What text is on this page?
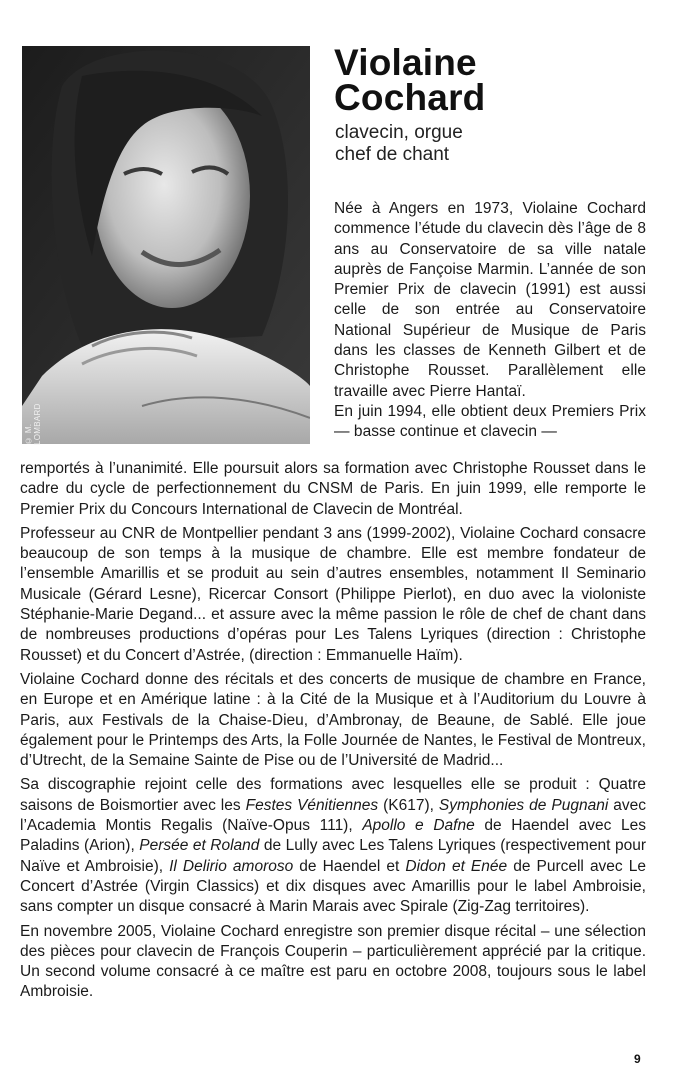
© M. LOMBARD
Violaine
Cochard
clavecin, orgue
chef de chant

Née à Angers en 1973, Violaine Cochard commence l’étude du clavecin dès l’âge de 8 ans au Conservatoire de sa ville natale auprès de Fançoise Marmin. L’année de son Premier Prix de clavecin (1991) est aussi celle de son entrée au Conservatoire National Supérieur de Musique de Paris dans les classes de Kenneth Gilbert et de Christophe Rousset. Parallèlement elle travaille avec Pierre Hantaï.

En juin 1994, elle obtient deux Premiers Prix — basse continue et clavecin —

remportés à l’unanimité. Elle poursuit alors sa formation avec Christophe Rousset dans le cadre du cycle de perfectionnement du CNSM de Paris. En juin 1999, elle remporte le Premier Prix du Concours International de Clavecin de Montréal.

Professeur au CNR de Montpellier pendant 3 ans (1999-2002), Violaine Cochard consacre beaucoup de son temps à la musique de chambre. Elle est membre fondateur de l’ensemble Amarillis et se produit au sein d’autres ensembles, notamment Il Seminario Musicale (Gérard Lesne), Ricercar Consort (Philippe Pierlot), en duo avec la violoniste Stéphanie-Marie Degand... et assure avec la même passion le rôle de chef de chant dans de nombreuses productions d’opéras pour Les Talens Lyriques (direction : Christophe Rousset) et du Concert d’Astrée, (direction : Emmanuelle Haïm).

Violaine Cochard donne des récitals et des concerts de musique de chambre en France, en Europe et en Amérique latine : à la Cité de la Musique et à l’Auditorium du Louvre à Paris, aux Festivals de la Chaise-Dieu, d’Ambronay, de Beaune, de Sablé. Elle joue également pour le Printemps des Arts, la Folle Journée de Nantes, le Festival de Montreux, d’Utrecht, de la Semaine Sainte de Pise ou de l’Université de Madrid...

Sa discographie rejoint celle des formations avec lesquelles elle se produit : Quatre saisons de Boismortier avec les Festes Vénitiennes (K617), Symphonies de Pugnani avec l’Academia Montis Regalis (Naïve-Opus 111), Apollo e Dafne de Haendel avec Les Paladins (Arion), Persée et Roland de Lully avec Les Talens Lyriques (respectivement pour Naïve et Ambroisie), Il Delirio amoroso de Haendel et Didon et Enée de Purcell avec Le Concert d’Astrée (Virgin Classics) et dix disques avec Amarillis pour le label Ambroisie, sans compter un disque consacré à Marin Marais avec Spirale (Zig-Zag territoires).

En novembre 2005, Violaine Cochard enregistre son premier disque récital – une sélection des pièces pour clavecin de François Couperin – particulièrement apprécié par la critique. Un second volume consacré à ce maître est paru en octobre 2008, toujours sous le label Ambroisie.

9
